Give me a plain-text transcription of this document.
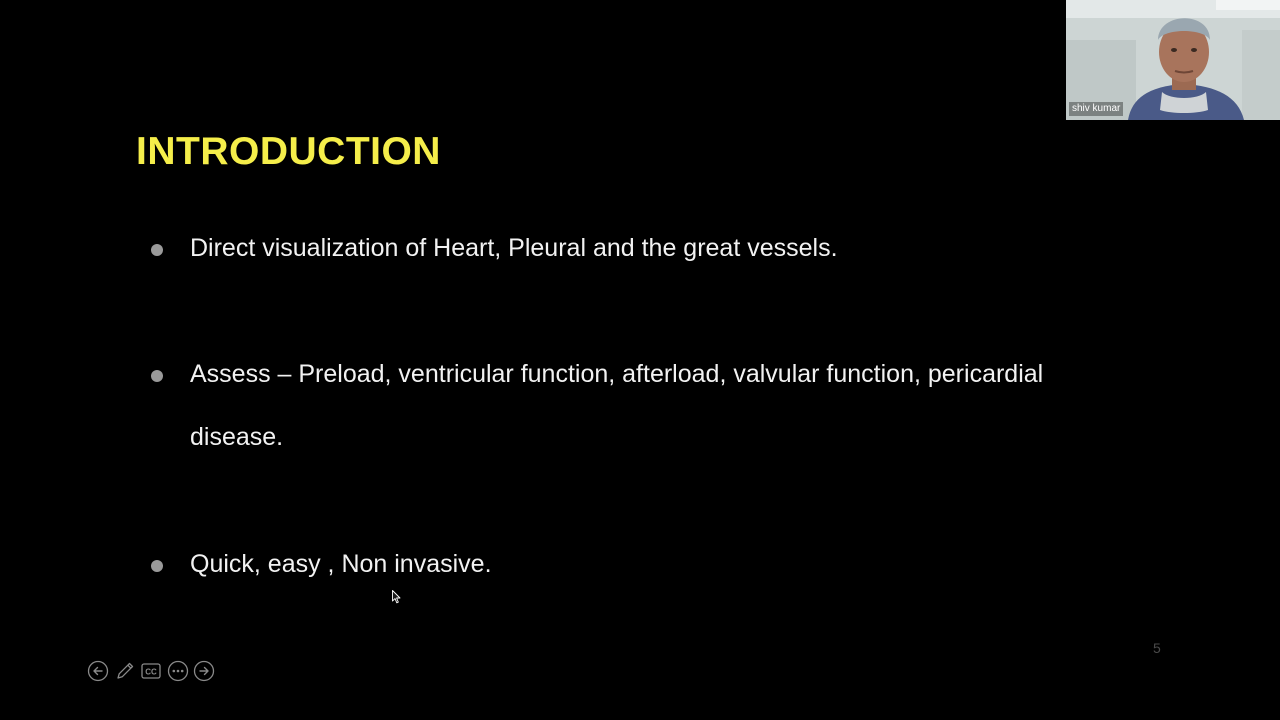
INTRODUCTION
Direct visualization of Heart, Pleural and the great vessels.
Assess – Preload, ventricular function, afterload, valvular function, pericardial
disease.
Quick, easy , Non invasive.
5
CC
shiv kumar
